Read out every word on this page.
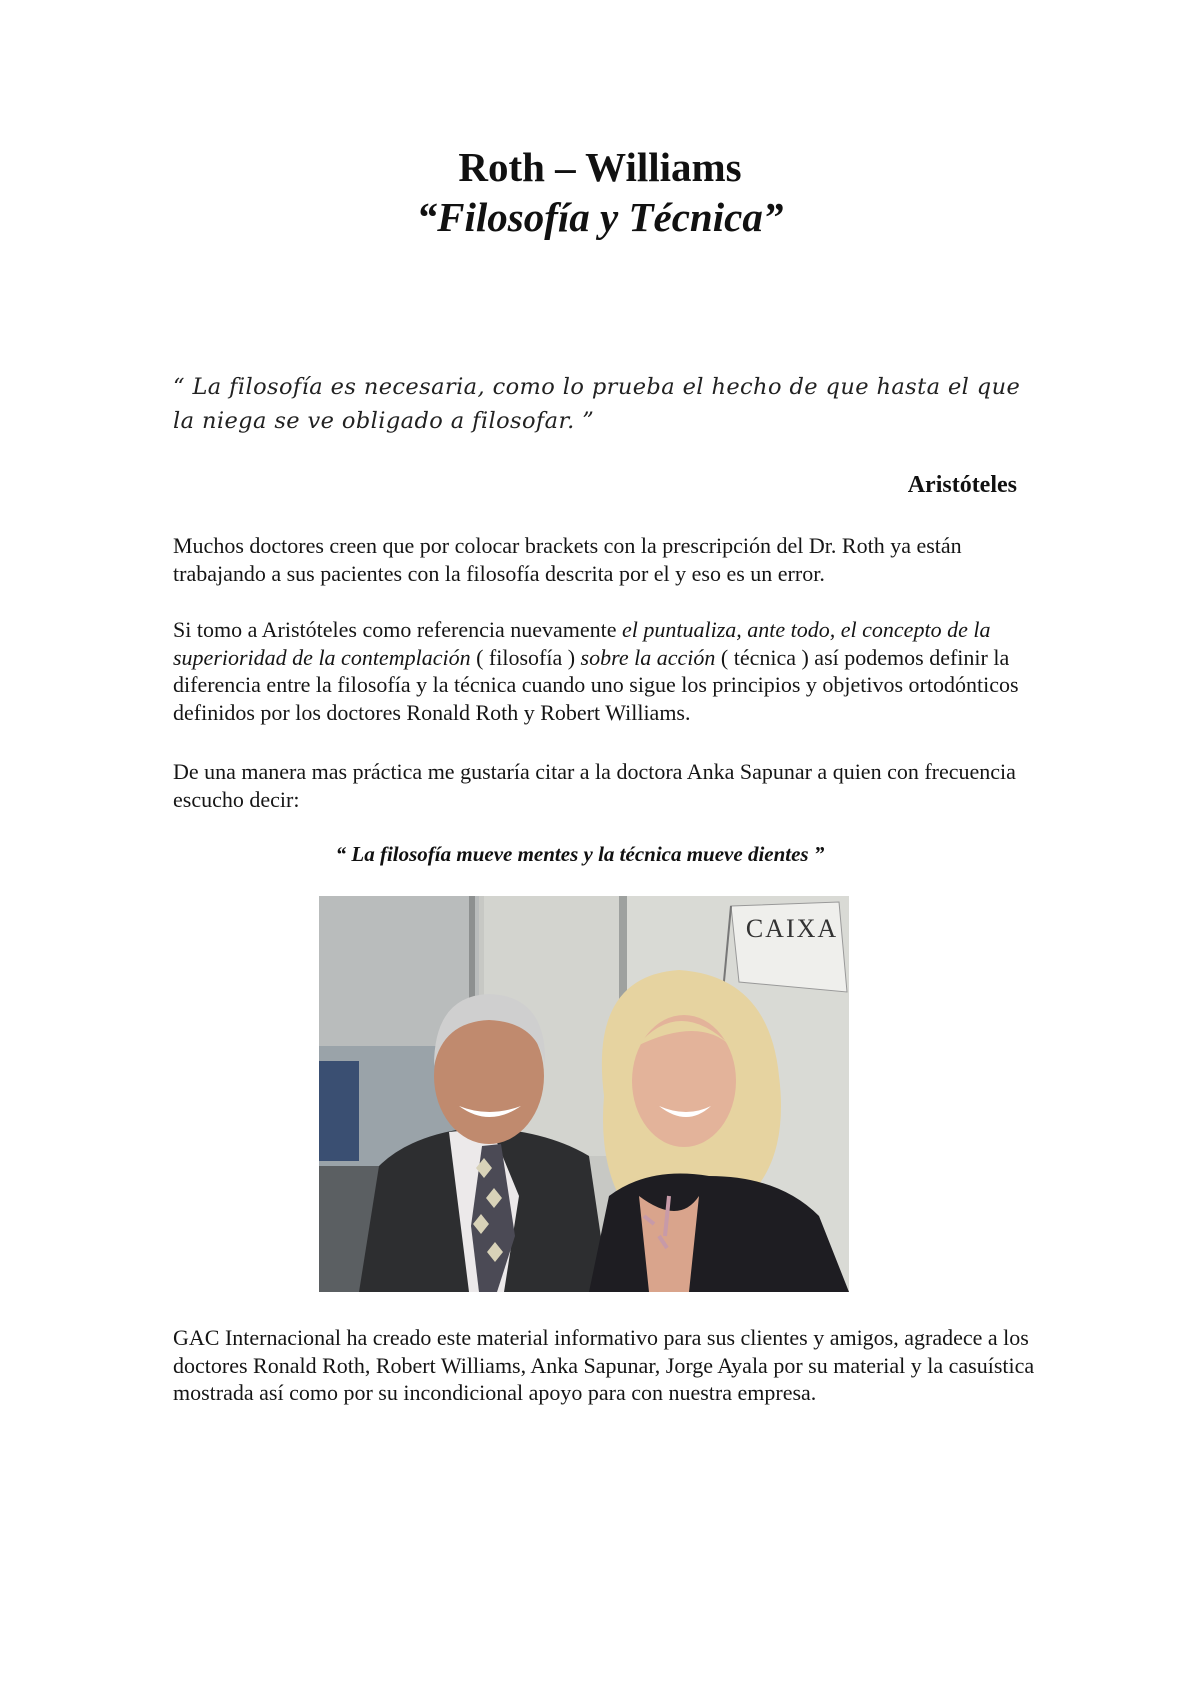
Roth – Williams

“Filosofía y Técnica”

“ La filosofía es necesaria, como lo prueba el hecho de que hasta el que la niega se ve obligado a filosofar. ”
Aristóteles
Muchos doctores creen que por colocar brackets con la prescripción del Dr. Roth ya están trabajando a sus pacientes con la filosofía descrita por el y eso es un error.
Si tomo a Aristóteles como referencia nuevamente el puntualiza, ante todo, el concepto de la superioridad de la contemplación ( filosofía ) sobre la acción ( técnica ) así podemos definir la diferencia entre la filosofía y la técnica cuando uno sigue los principios y objetivos ortodónticos definidos por los doctores Ronald Roth y Robert Williams.
De una manera mas práctica me gustaría citar a la doctora Anka Sapunar a quien con frecuencia escucho decir:
“ La filosofía mueve mentes y la técnica mueve dientes ”
CAIXA
GAC Internacional ha creado este material informativo para sus clientes y amigos, agradece a los doctores Ronald Roth, Robert Williams, Anka Sapunar, Jorge Ayala por su material y la casuística mostrada así como por su incondicional apoyo para con nuestra empresa.
